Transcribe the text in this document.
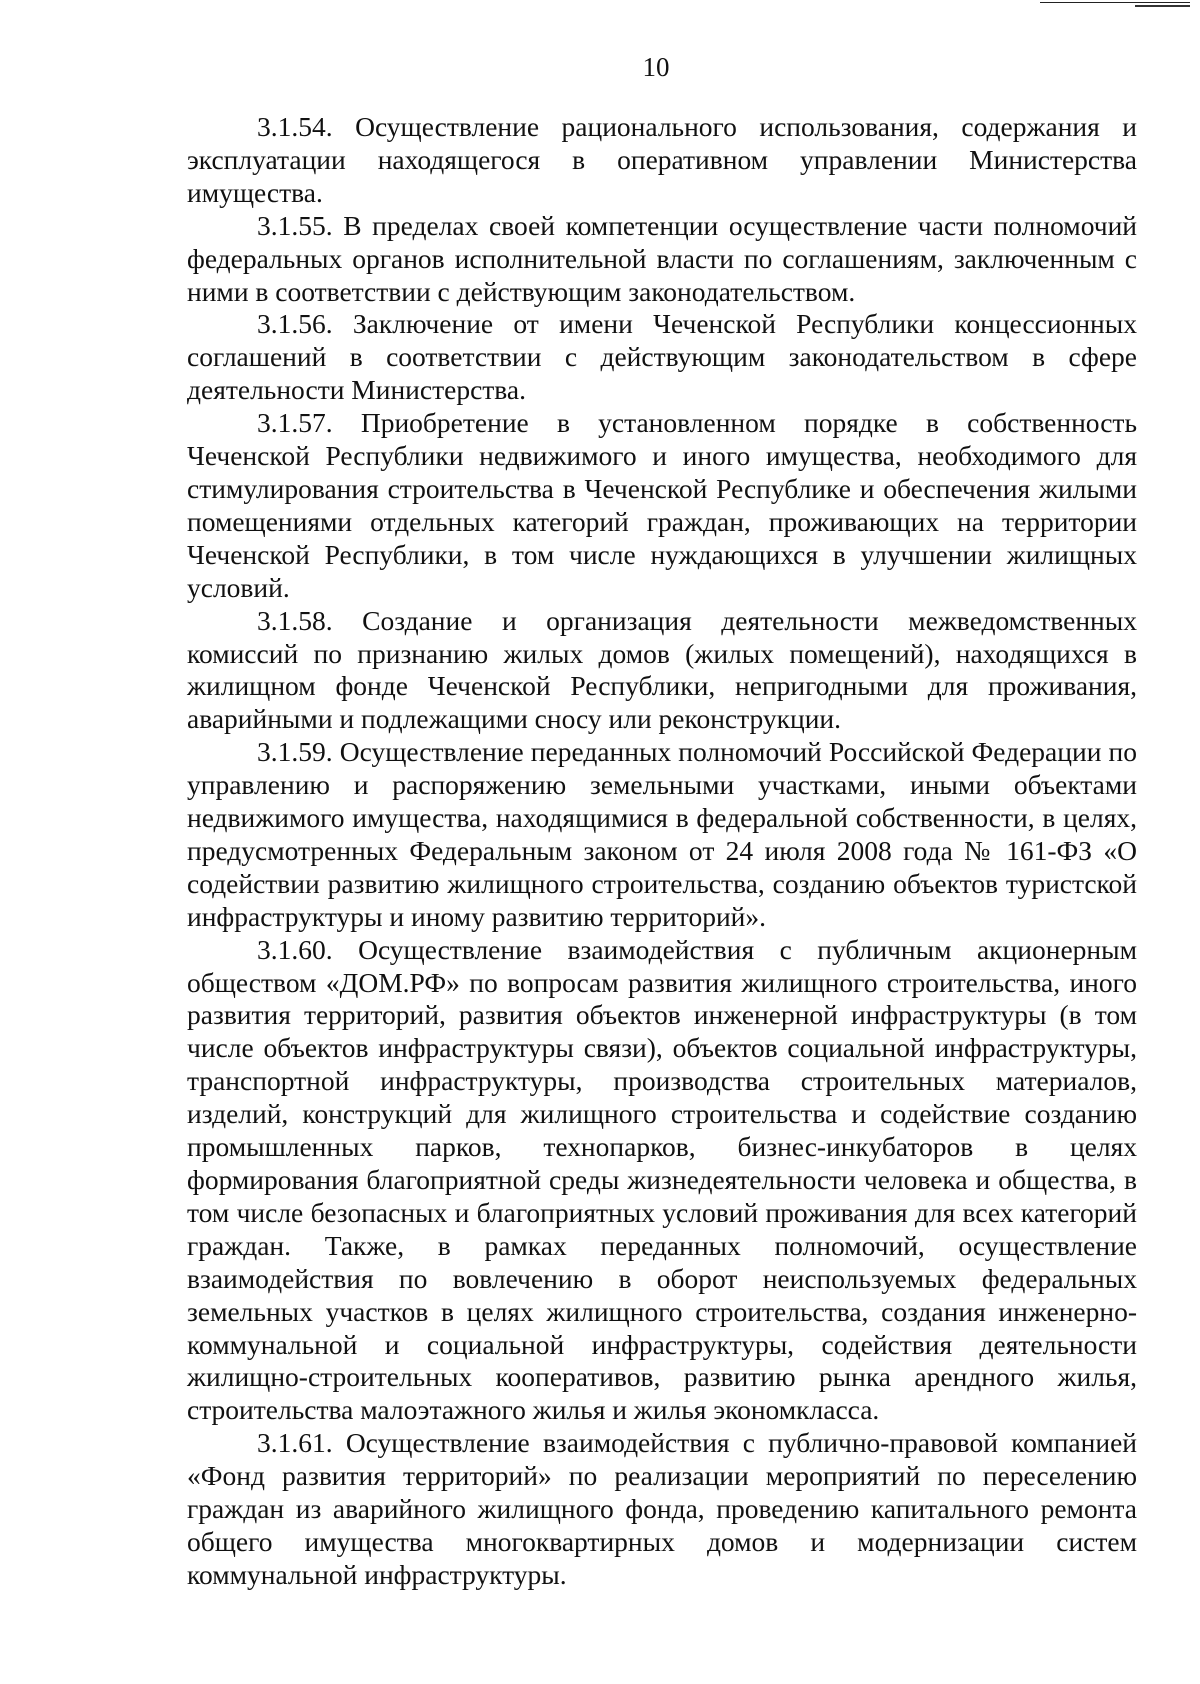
10

3.1.54. Осуществление рационального использования, содержания и эксплуатации находящегося в оперативном управлении Министерства имущества.

3.1.55. В пределах своей компетенции осуществление части полномочий федеральных органов исполнительной власти по соглашениям, заключенным с ними в соответствии с действующим законодательством.

3.1.56. Заключение от имени Чеченской Республики концессионных соглашений в соответствии с действующим законодательством в сфере деятельности Министерства.

3.1.57. Приобретение в установленном порядке в собственность Чеченской Республики недвижимого и иного имущества, необходимого для стимулирования строительства в Чеченской Республике и обеспечения жилыми помещениями отдельных категорий граждан, проживающих на территории Чеченской Республики, в том числе нуждающихся в улучшении жилищных условий.

3.1.58. Создание и организация деятельности межведомственных комиссий по признанию жилых домов (жилых помещений), находящихся в жилищном фонде Чеченской Республики, непригодными для проживания, аварийными и подлежащими сносу или реконструкции.

3.1.59. Осуществление переданных полномочий Российской Федерации по управлению и распоряжению земельными участками, иными объектами недвижимого имущества, находящимися в федеральной собственности, в целях, предусмотренных Федеральным законом от 24 июля 2008 года № 161-ФЗ «О содействии развитию жилищного строительства, созданию объектов туристской инфраструктуры и иному развитию территорий».

3.1.60. Осуществление взаимодействия с публичным акционерным обществом «ДОМ.РФ» по вопросам развития жилищного строительства, иного развития территорий, развития объектов инженерной инфраструктуры (в том числе объектов инфраструктуры связи), объектов социальной инфраструктуры, транспортной инфраструктуры, производства строительных материалов, изделий, конструкций для жилищного строительства и содействие созданию промышленных парков, технопарков, бизнес-инкубаторов в целях формирования благоприятной среды жизнедеятельности человека и общества, в том числе безопасных и благоприятных условий проживания для всех категорий граждан. Также, в рамках переданных полномочий, осуществление взаимодействия по вовлечению в оборот неиспользуемых федеральных земельных участков в целях жилищного строительства, создания инженерно-коммунальной и социальной инфраструктуры, содействия деятельности жилищно-строительных кооперативов, развитию рынка арендного жилья, строительства малоэтажного жилья и жилья экономкласса.

3.1.61. Осуществление взаимодействия с публично-правовой компанией «Фонд развития территорий» по реализации мероприятий по переселению граждан из аварийного жилищного фонда, проведению капитального ремонта общего имущества многоквартирных домов и модернизации систем коммунальной инфраструктуры.
